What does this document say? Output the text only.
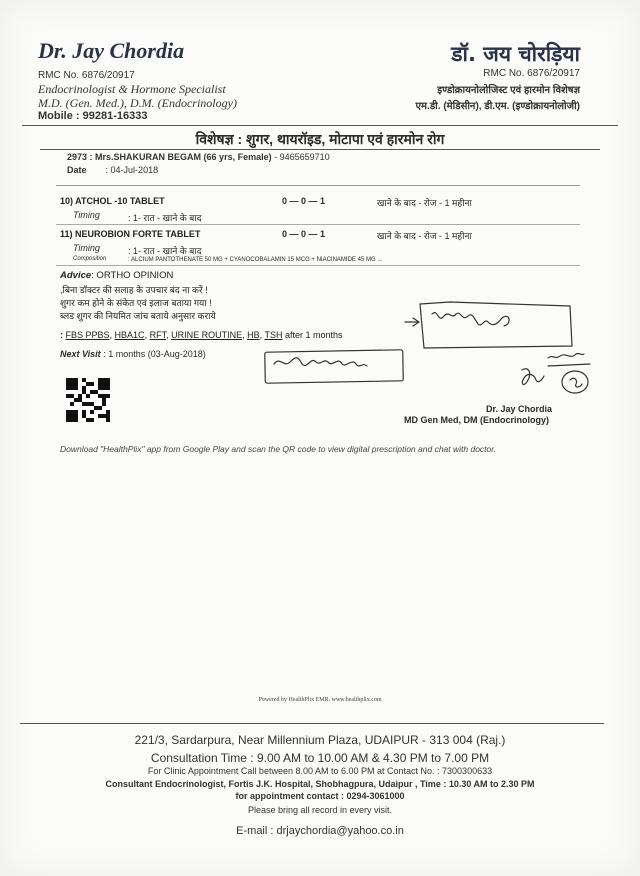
Dr. Jay Chordia
RMC No. 6876/20917
Endocrinologist & Hormone Specialist
M.D. (Gen. Med.), D.M. (Endocrinology)
Mobile : 99281-16333
डॉ. जय चोरड़िया
RMC No. 6876/20917
इण्डोक्रायनोलोजिस्ट एवं हारमोन विशेषज्ञ
एम.डी. (मेडिसीन), डी.एम. (इण्डोक्रायनोलोजी)
विशेषज्ञ : शुगर, थायरॉइड, मोटापा एवं हारमोन रोग
2973 : Mrs.SHAKURAN BEGAM (66 yrs, Female) - 9465659710
Date : 04-Jul-2018
10) ATCHOL -10 TABLET	0 — 0 — 1	खाने के बाद - रोज - 1 महीना
Timing	: 1- रात - खाने के बाद
11) NEUROBION FORTE TABLET	0 — 0 — 1	खाने के बाद - रोज - 1 महीना
Timing	: 1- रात - खाने के बाद
Composition	: ALCIUM PANTOTHENATE 50 MG + CYANOCOBALAMIN 15 MCG + NIACINAMIDE 45 MG ...
Advice: ORTHO OPINION
,बिना डॉक्टर की सलाह के उपचार बंद ना करें !
शुगर कम होने के संकेत एवं इलाज बताया गया !
ब्लड शुगर की नियमित जांच बताये अनुसार कराये
: FBS PPBS, HBA1C, RFT, URINE ROUTINE, HB, TSH after 1 months
Next Visit : 1 months (03-Aug-2018)
Dr. Jay Chordia
MD Gen Med, DM (Endocrinology)
Download "HealthPlix" app from Google Play and scan the QR code to view digital prescription and chat with doctor.
Powered by HealthPlix EMR. www.healthplix.com
221/3, Sardarpura, Near Millennium Plaza, UDAIPUR - 313 004 (Raj.)
Consultation Time : 9.00 AM to 10.00 AM & 4.30 PM to 7.00 PM
For Clinic Appointment Call between 8.00 AM to 6.00 PM at Contact No. : 7300300633
Consultant Endocrinologist, Fortis J.K. Hospital, Shobhagpura, Udaipur , Time : 10.30 AM to 2.30 PM
for appointment contact : 0294-3061000
Please bring all record in every visit.
E-mail : drjaychordia@yahoo.co.in
